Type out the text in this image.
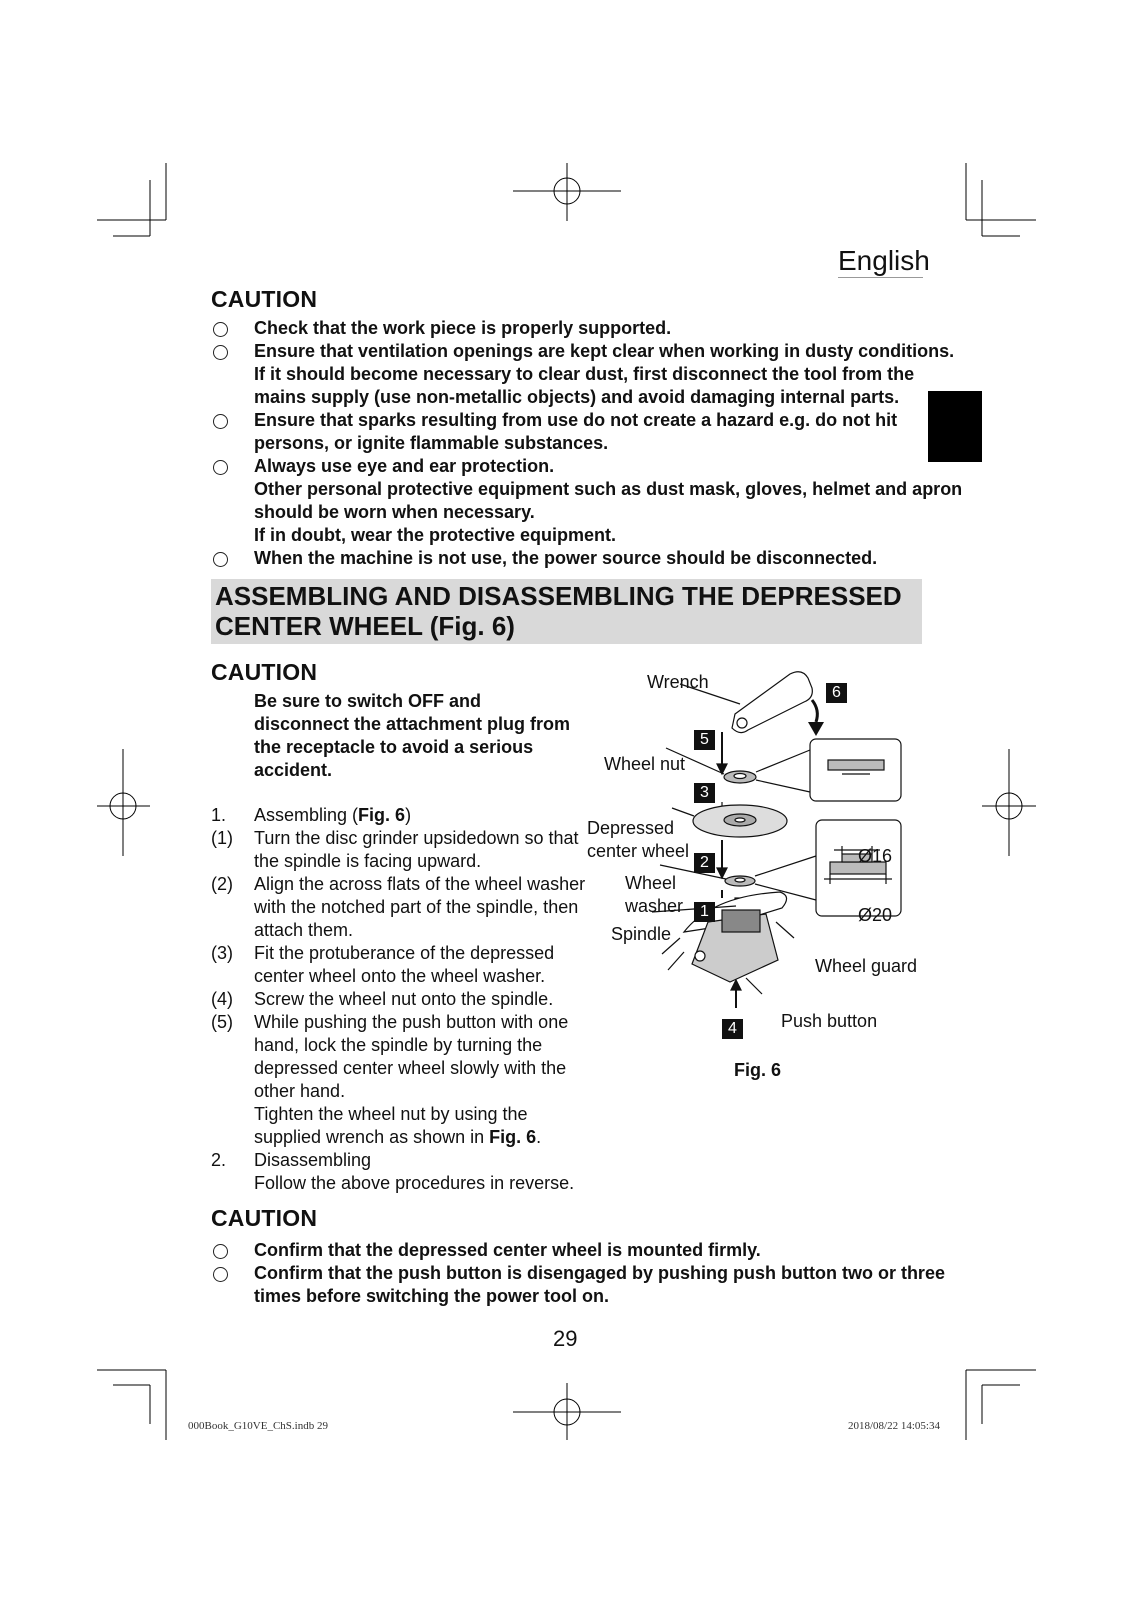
English
CAUTION
Check that the work piece is properly supported.
Ensure that ventilation openings are kept clear when working in dusty conditions.
If it should become necessary to clear dust, first disconnect the tool from the
mains supply (use non-metallic objects) and avoid damaging internal parts.
Ensure that sparks resulting from use do not create a hazard e.g. do not hit
persons, or ignite flammable substances.
Always use eye and ear protection.
Other personal protective equipment such as dust mask, gloves, helmet and apron
should be worn when necessary.
If in doubt, wear the protective equipment.
When the machine is not use, the power source should be disconnected.
ASSEMBLING AND DISASSEMBLING THE DEPRESSED
CENTER WHEEL (Fig. 6)
CAUTION
Be sure to switch OFF and
disconnect the attachment plug from
the receptacle to avoid a serious
accident.
1. Assembling (Fig. 6)
(1) Turn the disc grinder upsidedown so that
the spindle is facing upward.
(2) Align the across flats of the wheel washer
with the notched part of the spindle, then
attach them.
(3) Fit the protuberance of the depressed
center wheel onto the wheel washer.
(4) Screw the wheel nut onto the spindle.
(5) While pushing the push button with one
hand, lock the spindle by turning the
depressed center wheel slowly with the
other hand.
Tighten the wheel nut by using the
supplied wrench as shown in Fig. 6.
2. Disassembling
Follow the above procedures in reverse.
Wrench
Wheel nut
Depressed
center wheel
Wheel
washer
Spindle
Wheel guard
Push button
Ø16
Ø20
6
5
3
2
1
4
Fig. 6
CAUTION
Confirm that the depressed center wheel is mounted firmly.
Confirm that the push button is disengaged by pushing push button two or three
times before switching the power tool on.
29
000Book_G10VE_ChS.indb 29	2018/08/22 14:05:34
